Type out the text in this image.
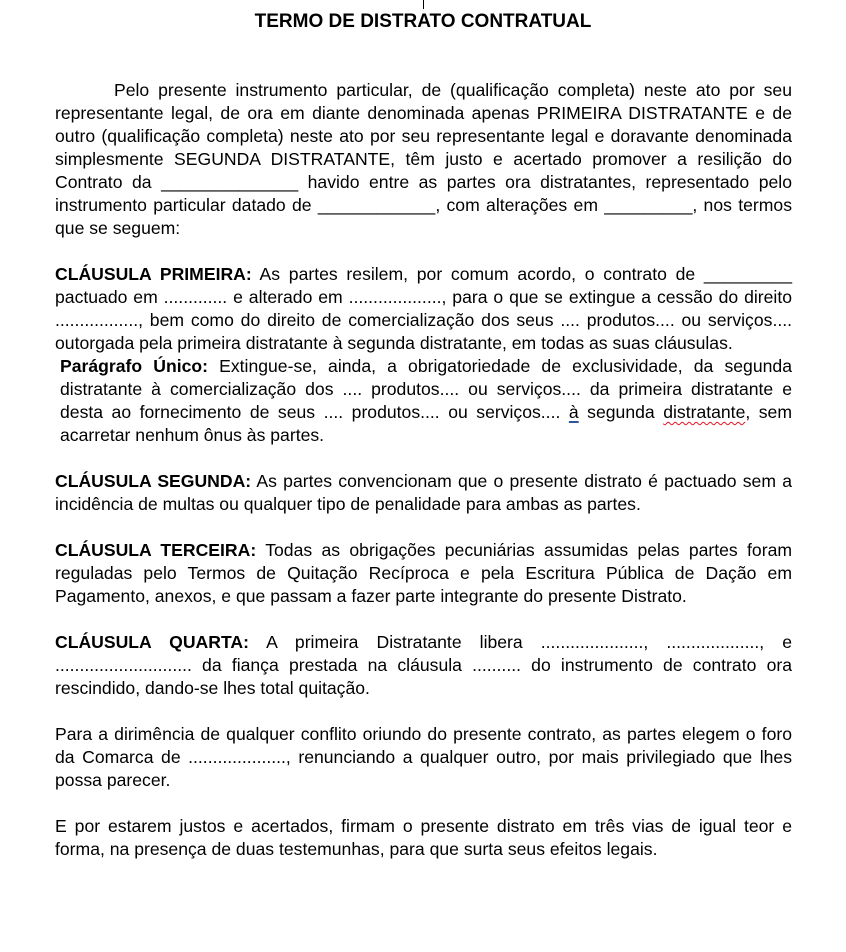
TERMO DE DISTRATO CONTRATUAL

Pelo presente instrumento particular, de (qualificação completa) neste ato por seu representante legal, de ora em diante denominada apenas PRIMEIRA DISTRATANTE e de outro (qualificação completa) neste ato por seu representante legal e doravante denominada simplesmente SEGUNDA DISTRATANTE, têm justo e acertado promover a resilição do Contrato da ______________ havido entre as partes ora distratantes, representado pelo instrumento particular datado de ____________, com alterações em _________, nos termos que se seguem:

CLÁUSULA PRIMEIRA: As partes resilem, por comum acordo, o contrato de _________ pactuado em ............. e alterado em ..................., para o que se extingue a cessão do direito ................., bem como do direito de comercialização dos seus .... produtos.... ou serviços.... outorgada pela primeira distratante à segunda distratante, em todas as suas cláusulas.

Parágrafo Único: Extingue-se, ainda, a obrigatoriedade de exclusividade, da segunda distratante à comercialização dos .... produtos.... ou serviços.... da primeira distratante e desta ao fornecimento de seus .... produtos.... ou serviços.... à segunda distratante, sem acarretar nenhum ônus às partes.

CLÁUSULA SEGUNDA: As partes convencionam que o presente distrato é pactuado sem a incidência de multas ou qualquer tipo de penalidade para ambas as partes.

CLÁUSULA TERCEIRA: Todas as obrigações pecuniárias assumidas pelas partes foram reguladas pelo Termos de Quitação Recíproca e pela Escritura Pública de Dação em Pagamento, anexos, e que passam a fazer parte integrante do presente Distrato.

CLÁUSULA QUARTA: A primeira Distratante libera ....................., ..................., e ............................ da fiança prestada na cláusula .......... do instrumento de contrato ora rescindido, dando-se lhes total quitação.

Para a dirimência de qualquer conflito oriundo do presente contrato, as partes elegem o foro da Comarca de ...................., renunciando a qualquer outro, por mais privilegiado que lhes possa parecer.

E por estarem justos e acertados, firmam o presente distrato em três vias de igual teor e forma, na presença de duas testemunhas, para que surta seus efeitos legais.
